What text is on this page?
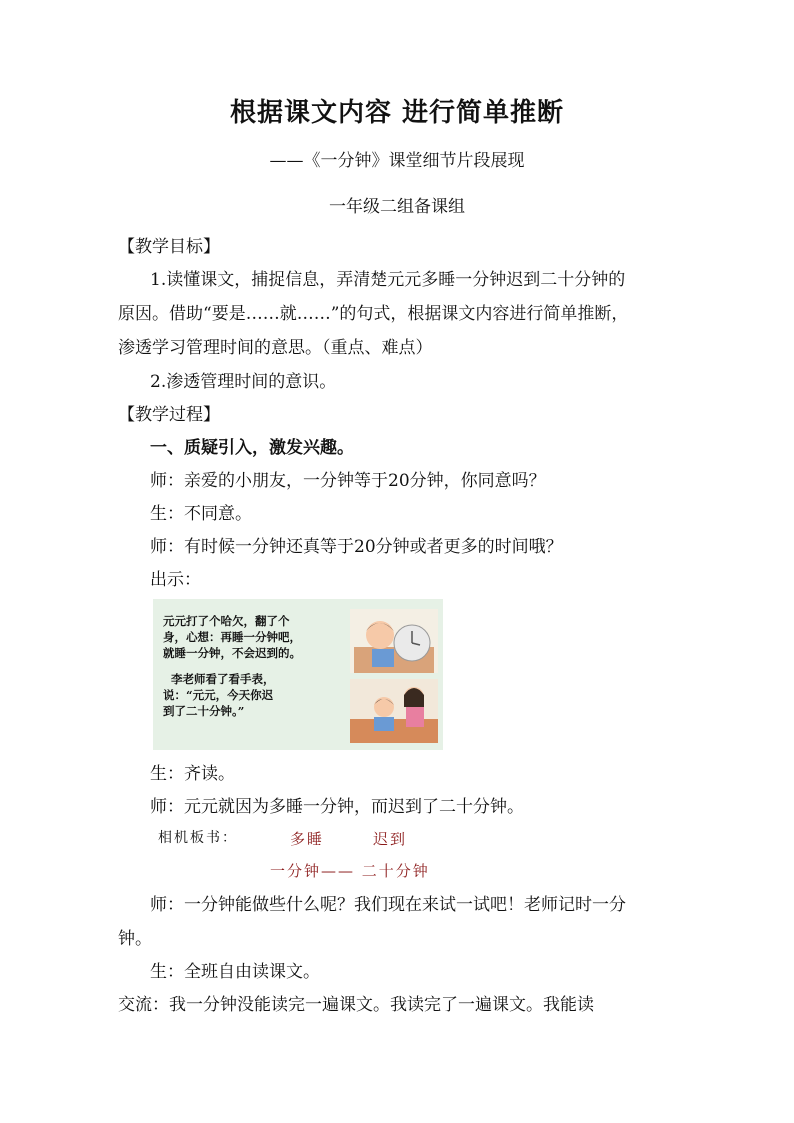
根据课文内容 进行简单推断
——《一分钟》课堂细节片段展现
一年级二组备课组
【教学目标】
1.读懂课文，捕捉信息，弄清楚元元多睡一分钟迟到二十分钟的
原因。借助“要是……就……”的句式，根据课文内容进行简单推断，
渗透学习管理时间的意思。（重点、难点）
2.渗透管理时间的意识。
【教学过程】
一、质疑引入，激发兴趣。
师：亲爱的小朋友，一分钟等于20分钟，你同意吗？
生：不同意。
师：有时候一分钟还真等于20分钟或者更多的时间哦？
出示：
元元打了个哈欠，翻了个
身，心想：再睡一分钟吧，
就睡一分钟，不会迟到的。
李老师看了看手表，
说：“元元，今天你迟
到了二十分钟。”
生：齐读。
师：元元就因为多睡一分钟，而迟到了二十分钟。
相机板书：	多睡	迟到
一分钟—— 二十分钟
师：一分钟能做些什么呢？我们现在来试一试吧！老师记时一分
钟。
生：全班自由读课文。
交流：我一分钟没能读完一遍课文。我读完了一遍课文。我能读
